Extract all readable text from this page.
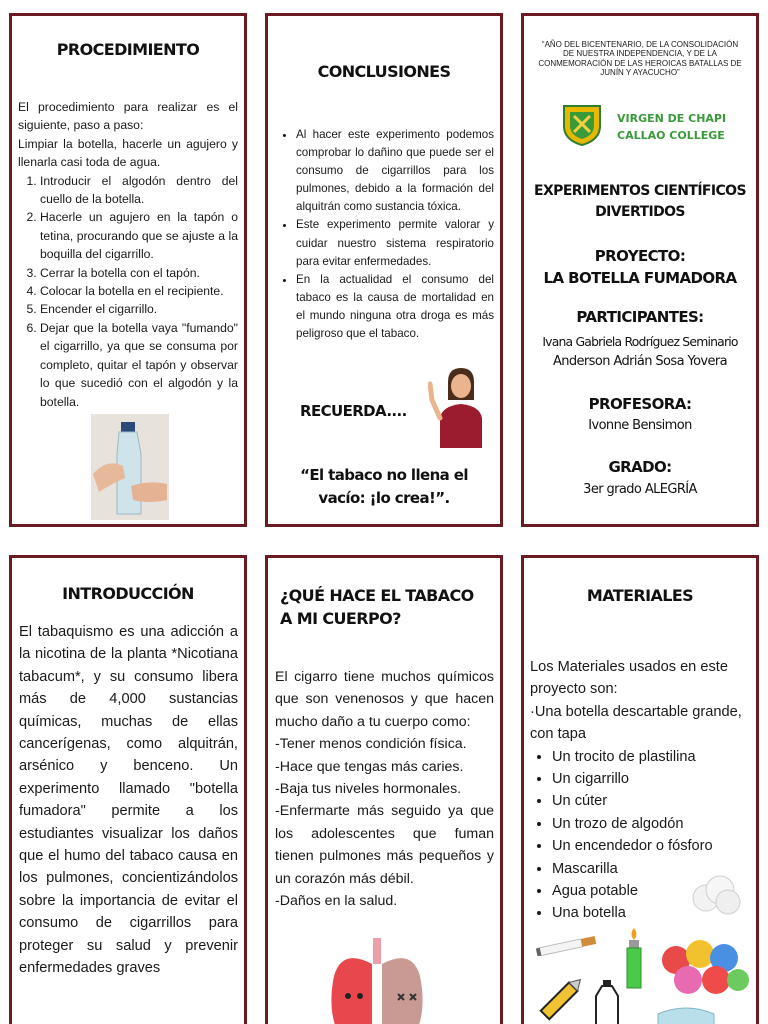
PROCEDIMIENTO
El procedimiento para realizar es el siguiente, paso a paso:
Limpiar la botella, hacerle un agujero y llenarla casi toda de agua.
1. Introducir el algodón dentro del cuello de la botella.
2. Hacerle un agujero en la tapón o tetina, procurando que se ajuste a la boquilla del cigarrillo.
3. Cerrar la botella con el tapón.
4. Colocar la botella en el recipiente.
5. Encender el cigarrillo.
6. Dejar que la botella vaya "fumando" el cigarrillo, ya que se consuma por completo, quitar el tapón y observar lo que sucedió con el algodón y la botella.
CONCLUSIONES
• Al hacer este experimento podemos comprobar lo dañino que puede ser el consumo de cigarrillos para los pulmones, debido a la formación del alquitrán como sustancia tóxica.
• Este experimento permite valorar y cuidar nuestro sistema respiratorio para evitar enfermedades.
• En la actualidad el consumo del tabaco es la causa de mortalidad en el mundo ninguna otra droga es más peligroso que el tabaco.
RECUERDA....
“El tabaco no llena el vacío: ¡lo crea!”.
“AÑO DEL BICENTENARIO, DE LA CONSOLIDACIÓN DE NUESTRA INDEPENDENCIA, Y DE LA CONMEMORACIÓN DE LAS HEROICAS BATALLAS DE JUNÍN Y AYACUCHO”
VIRGEN DE CHAPI
CALLAO COLLEGE
EXPERIMENTOS CIENTÍFICOS
DIVERTIDOS
PROYECTO:
LA BOTELLA FUMADORA
PARTICIPANTES:
Ivana Gabriela Rodríguez Seminario
Anderson Adrián Sosa Yovera
PROFESORA:
Ivonne Bensimon
GRADO:
3er grado ALEGRÍA
INTRODUCCIÓN
El tabaquismo es una adicción a la nicotina de la planta *Nicotiana tabacum*, y su consumo libera más de 4,000 sustancias químicas, muchas de ellas cancerígenas, como alquitrán, arsénico y benceno. Un experimento llamado "botella fumadora" permite a los estudiantes visualizar los daños que el humo del tabaco causa en los pulmones, concientizándolos sobre la importancia de evitar el consumo de cigarrillos para proteger su salud y prevenir enfermedades graves
¿QUÉ HACE EL TABACO
A MI CUERPO?
El cigarro tiene muchos químicos que son venenosos y que hacen mucho daño a tu cuerpo como:
-Tener menos condición física.
-Hace que tengas más caries.
-Baja tus niveles hormonales.
-Enfermarte más seguido ya que los adolescentes que fuman tienen pulmones más pequeños y un corazón más débil.
-Daños en la salud.
MATERIALES
Los Materiales usados en este proyecto son:
·Una botella descartable grande, con tapa
• Un trocito de plastilina
• Un cigarrillo
• Un cúter
• Un trozo de algodón
• Un encendedor o fósforo
• Mascarilla
• Agua potable
• Una botella
